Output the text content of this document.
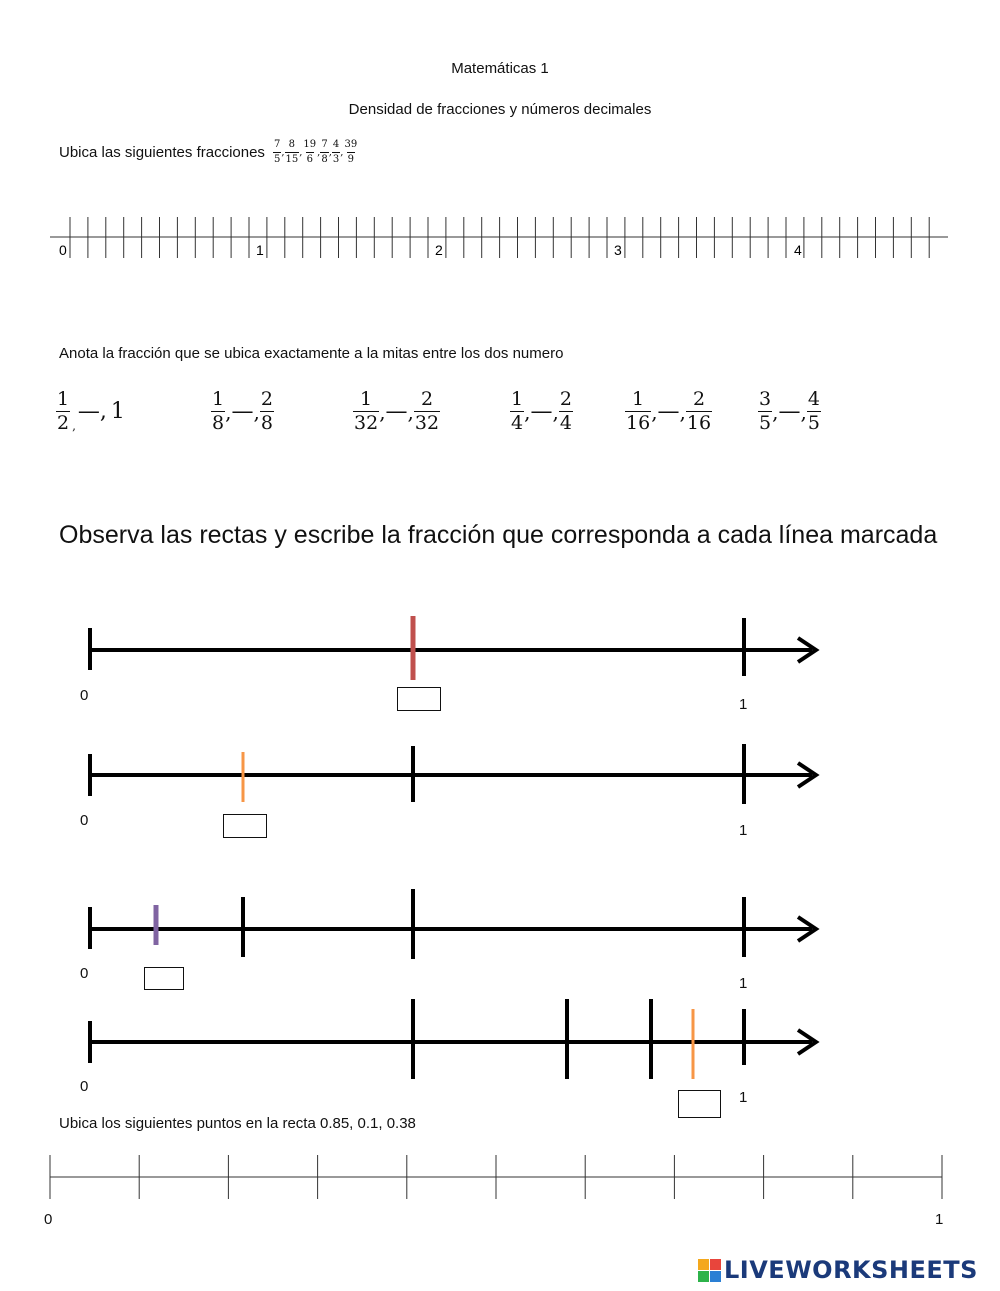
Matemáticas 1
Densidad de fracciones y números decimales
Ubica las siguientes fracciones $\frac{7}{5}$ , $\frac{8}{15}$ , $\frac{19}{6}$ , $\frac{7}{8}$ , $\frac{4}{3}$ , $\frac{39}{9}$
0	1	2	3	4
Anota la fracción que se ubica exactamente a la mitas entre los dos numero
$\frac{1}{2}$ ,
— , 1	$\frac{1}{8}$ , — , $\frac{2}{8}$	$\frac{1}{32}$ , — , $\frac{2}{32}$	$\frac{1}{4}$ , — , $\frac{2}{4}$	$\frac{1}{16}$ , — , $\frac{2}{16} \frac{3}{5}$ , — , $\frac{4}{5}$
Observa las rectas y escribe la fracción que corresponda a cada línea marcada
0
1
0
1
0
1
0
1
Ubica los siguientes puntos en la recta 0.85, 0.1, 0.38
0	1
LIVEWORKSHEETS
